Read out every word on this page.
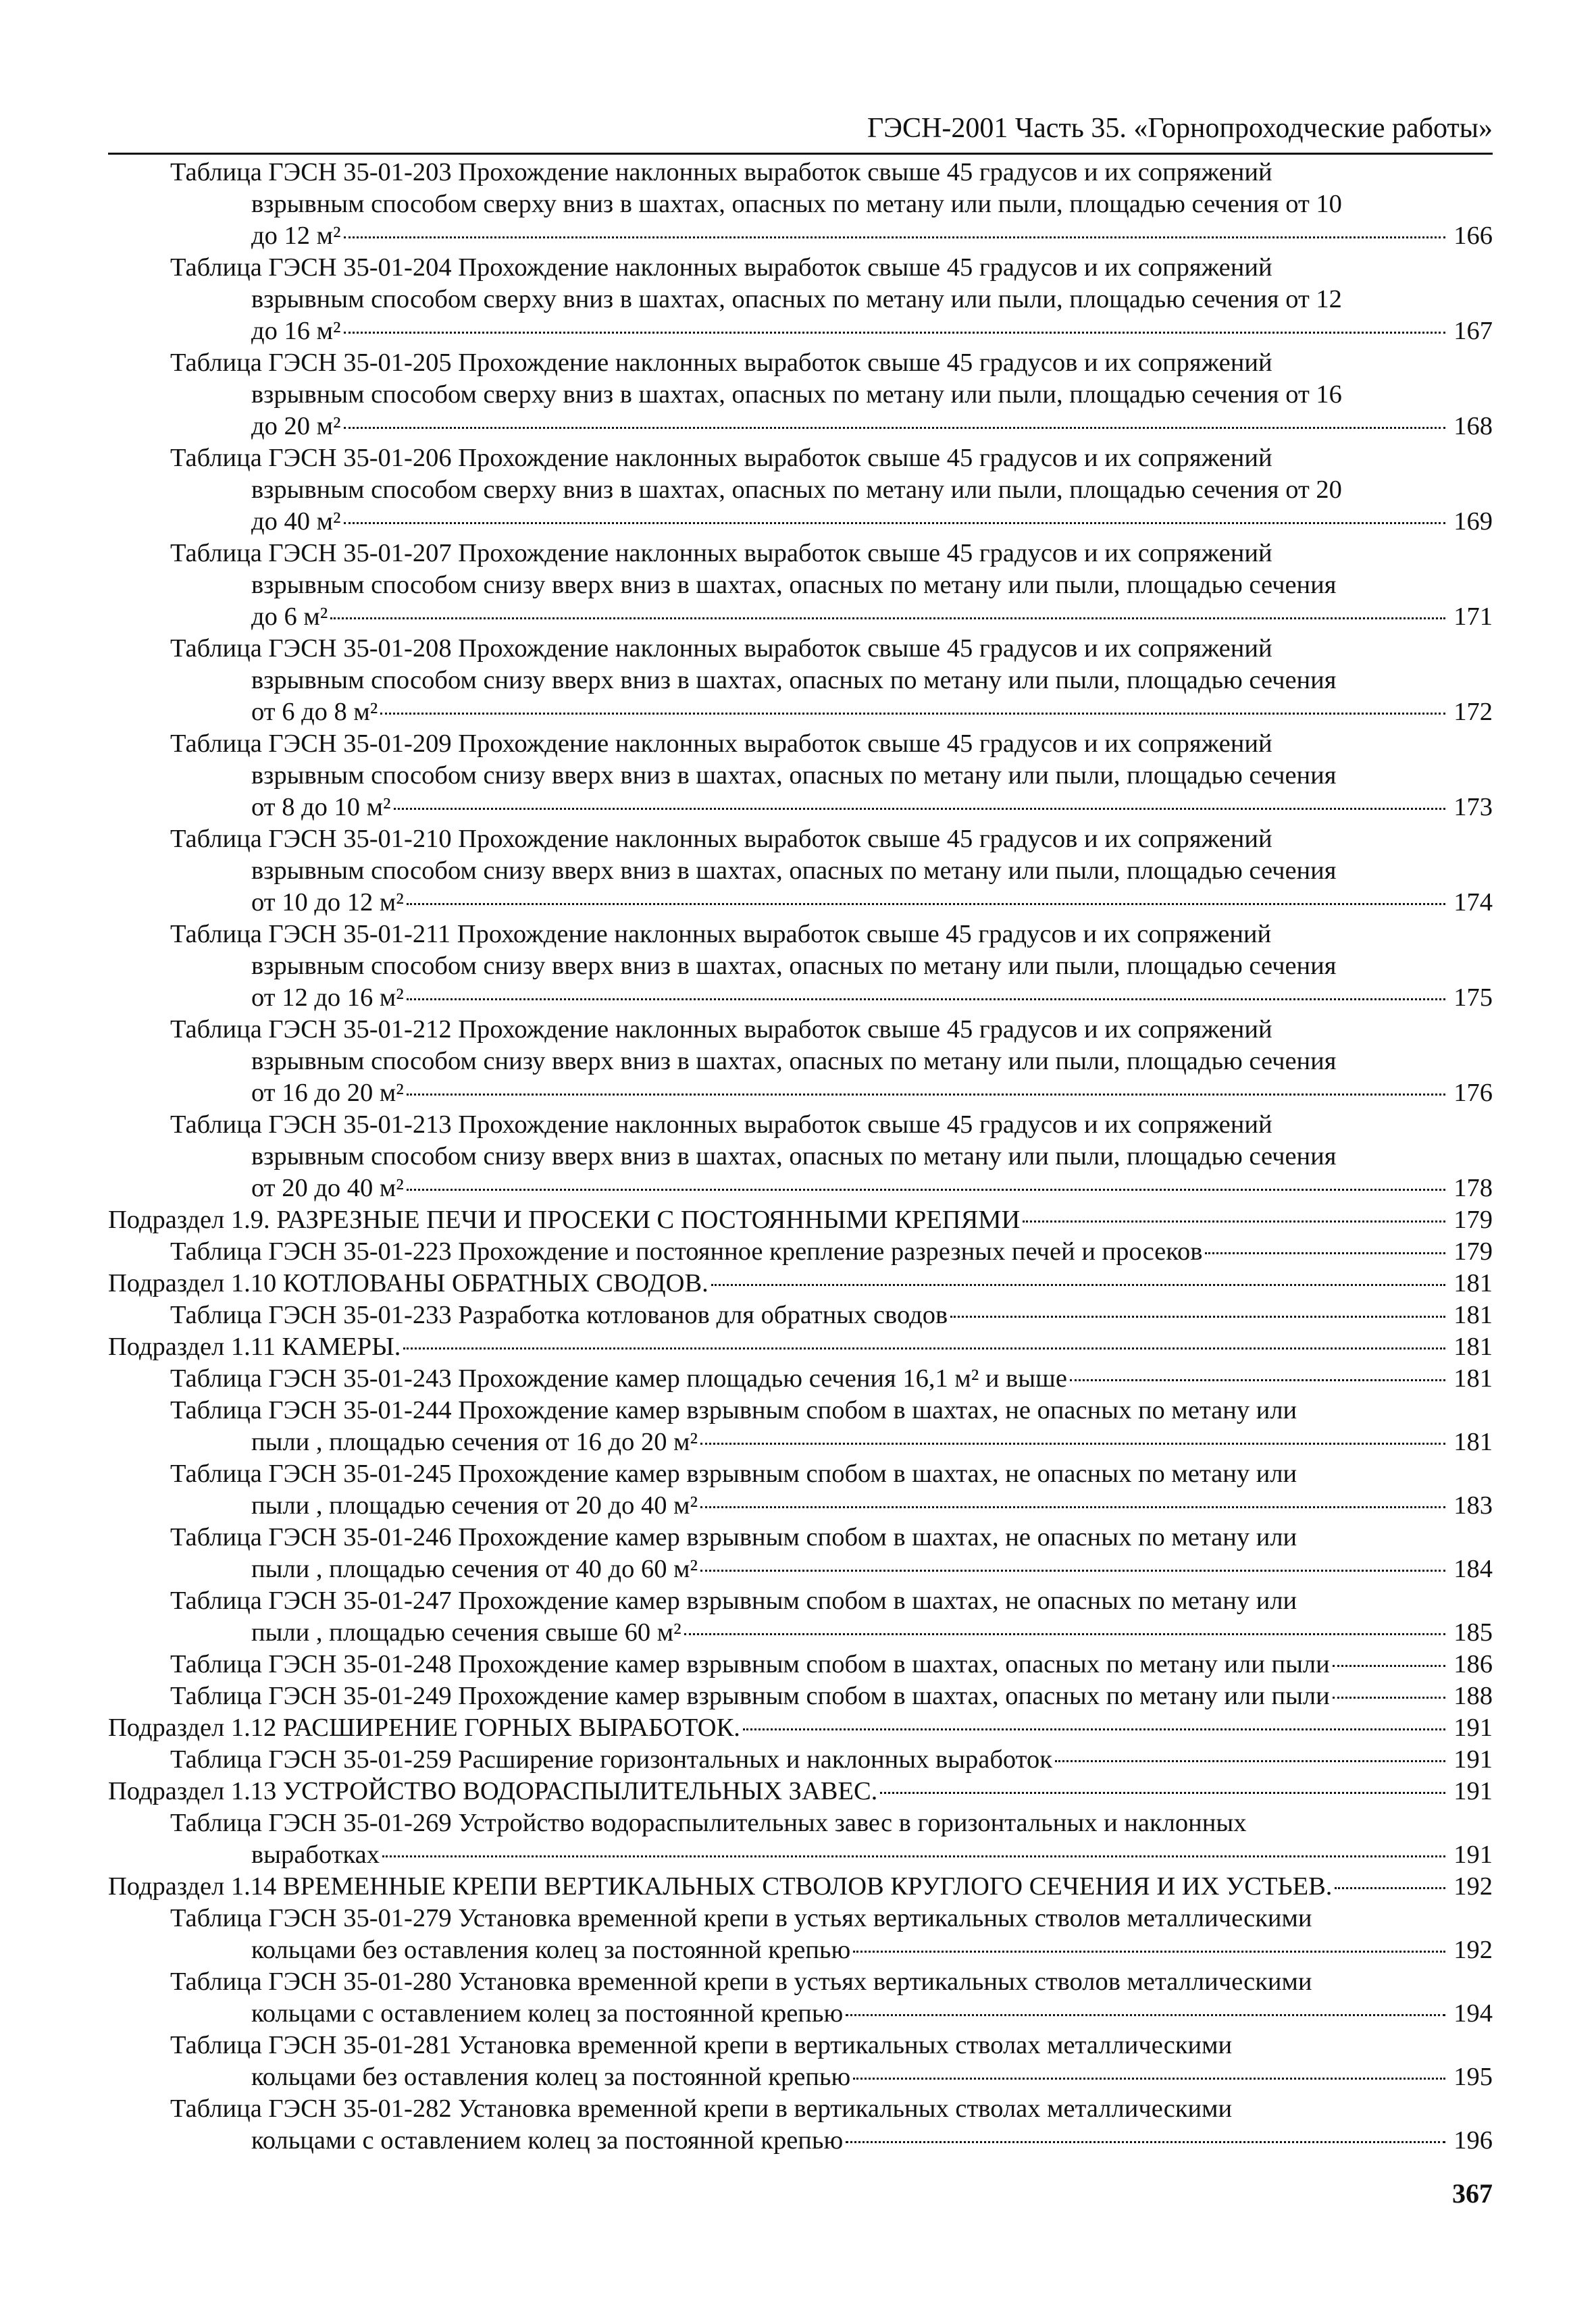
ГЭСН-2001 Часть 35. «Горнопроходческие работы»
Таблица ГЭСН 35-01-203 Прохождение наклонных выработок свыше 45 градусов и их сопряжений
взрывным способом сверху вниз в шахтах, опасных по метану или пыли, площадью сечения от 10
до 12 м²	166
Таблица ГЭСН 35-01-204 Прохождение наклонных выработок свыше 45 градусов и их сопряжений
взрывным способом сверху вниз в шахтах, опасных по метану или пыли, площадью сечения от 12
до 16 м²	167
Таблица ГЭСН 35-01-205 Прохождение наклонных выработок свыше 45 градусов и их сопряжений
взрывным способом сверху вниз в шахтах, опасных по метану или пыли, площадью сечения от 16
до 20 м²	168
Таблица ГЭСН 35-01-206 Прохождение наклонных выработок свыше 45 градусов и их сопряжений
взрывным способом сверху вниз в шахтах, опасных по метану или пыли, площадью сечения от 20
до 40 м²	169
Таблица ГЭСН 35-01-207 Прохождение наклонных выработок свыше 45 градусов и их сопряжений
взрывным способом снизу вверх вниз в шахтах, опасных по метану или пыли, площадью сечения
до 6 м²	171
Таблица ГЭСН 35-01-208 Прохождение наклонных выработок свыше 45 градусов и их сопряжений
взрывным способом снизу вверх вниз в шахтах, опасных по метану или пыли, площадью сечения
от 6 до 8 м²	172
Таблица ГЭСН 35-01-209 Прохождение наклонных выработок свыше 45 градусов и их сопряжений
взрывным способом снизу вверх вниз в шахтах, опасных по метану или пыли, площадью сечения
от 8 до 10 м²	173
Таблица ГЭСН 35-01-210 Прохождение наклонных выработок свыше 45 градусов и их сопряжений
взрывным способом снизу вверх вниз в шахтах, опасных по метану или пыли, площадью сечения
от 10 до 12 м²	174
Таблица ГЭСН 35-01-211 Прохождение наклонных выработок свыше 45 градусов и их сопряжений
взрывным способом снизу вверх вниз в шахтах, опасных по метану или пыли, площадью сечения
от 12 до 16 м²	175
Таблица ГЭСН 35-01-212 Прохождение наклонных выработок свыше 45 градусов и их сопряжений
взрывным способом снизу вверх вниз в шахтах, опасных по метану или пыли, площадью сечения
от 16 до 20 м²	176
Таблица ГЭСН 35-01-213 Прохождение наклонных выработок свыше 45 градусов и их сопряжений
взрывным способом снизу вверх вниз в шахтах, опасных по метану или пыли, площадью сечения
от 20 до 40 м²	178
Подраздел 1.9. РАЗРЕЗНЫЕ ПЕЧИ И ПРОСЕКИ С ПОСТОЯННЫМИ КРЕПЯМИ	179
Таблица ГЭСН 35-01-223 Прохождение и постоянное крепление разрезных печей и просеков	179
Подраздел 1.10 КОТЛОВАНЫ ОБРАТНЫХ СВОДОВ.	181
Таблица ГЭСН 35-01-233 Разработка котлованов для обратных сводов	181
Подраздел 1.11 КАМЕРЫ.	181
Таблица ГЭСН 35-01-243 Прохождение камер площадью сечения 16,1 м² и выше	181
Таблица ГЭСН 35-01-244 Прохождение камер взрывным спобом в шахтах, не опасных по метану или
пыли , площадью сечения от 16 до 20 м²	181
Таблица ГЭСН 35-01-245 Прохождение камер взрывным спобом в шахтах, не опасных по метану или
пыли , площадью сечения от 20 до 40 м²	183
Таблица ГЭСН 35-01-246 Прохождение камер взрывным спобом в шахтах, не опасных по метану или
пыли , площадью сечения от 40 до 60 м²	184
Таблица ГЭСН 35-01-247 Прохождение камер взрывным спобом в шахтах, не опасных по метану или
пыли , площадью сечения свыше 60 м²	185
Таблица ГЭСН 35-01-248 Прохождение камер взрывным спобом в шахтах, опасных по метану или пыли	186
Таблица ГЭСН 35-01-249 Прохождение камер взрывным спобом в шахтах, опасных по метану или пыли	188
Подраздел 1.12 РАСШИРЕНИЕ ГОРНЫХ ВЫРАБОТОК.	191
Таблица ГЭСН 35-01-259 Расширение горизонтальных и наклонных выработок	191
Подраздел 1.13 УСТРОЙСТВО ВОДОРАСПЫЛИТЕЛЬНЫХ ЗАВЕС.	191
Таблица ГЭСН 35-01-269 Устройство водораспылительных завес в горизонтальных и наклонных
выработках	191
Подраздел 1.14 ВРЕМЕННЫЕ КРЕПИ ВЕРТИКАЛЬНЫХ СТВОЛОВ КРУГЛОГО СЕЧЕНИЯ И ИХ УСТЬЕВ.	192
Таблица ГЭСН 35-01-279 Установка временной крепи в устьях вертикальных стволов металлическими
кольцами без оставления колец за постоянной крепью	192
Таблица ГЭСН 35-01-280 Установка временной крепи в устьях вертикальных стволов металлическими
кольцами с оставлением колец за постоянной крепью	194
Таблица ГЭСН 35-01-281 Установка временной крепи в вертикальных стволах металлическими
кольцами без оставления колец за постоянной крепью	195
Таблица ГЭСН 35-01-282 Установка временной крепи в вертикальных стволах металлическими
кольцами с оставлением колец за постоянной крепью	196
367
